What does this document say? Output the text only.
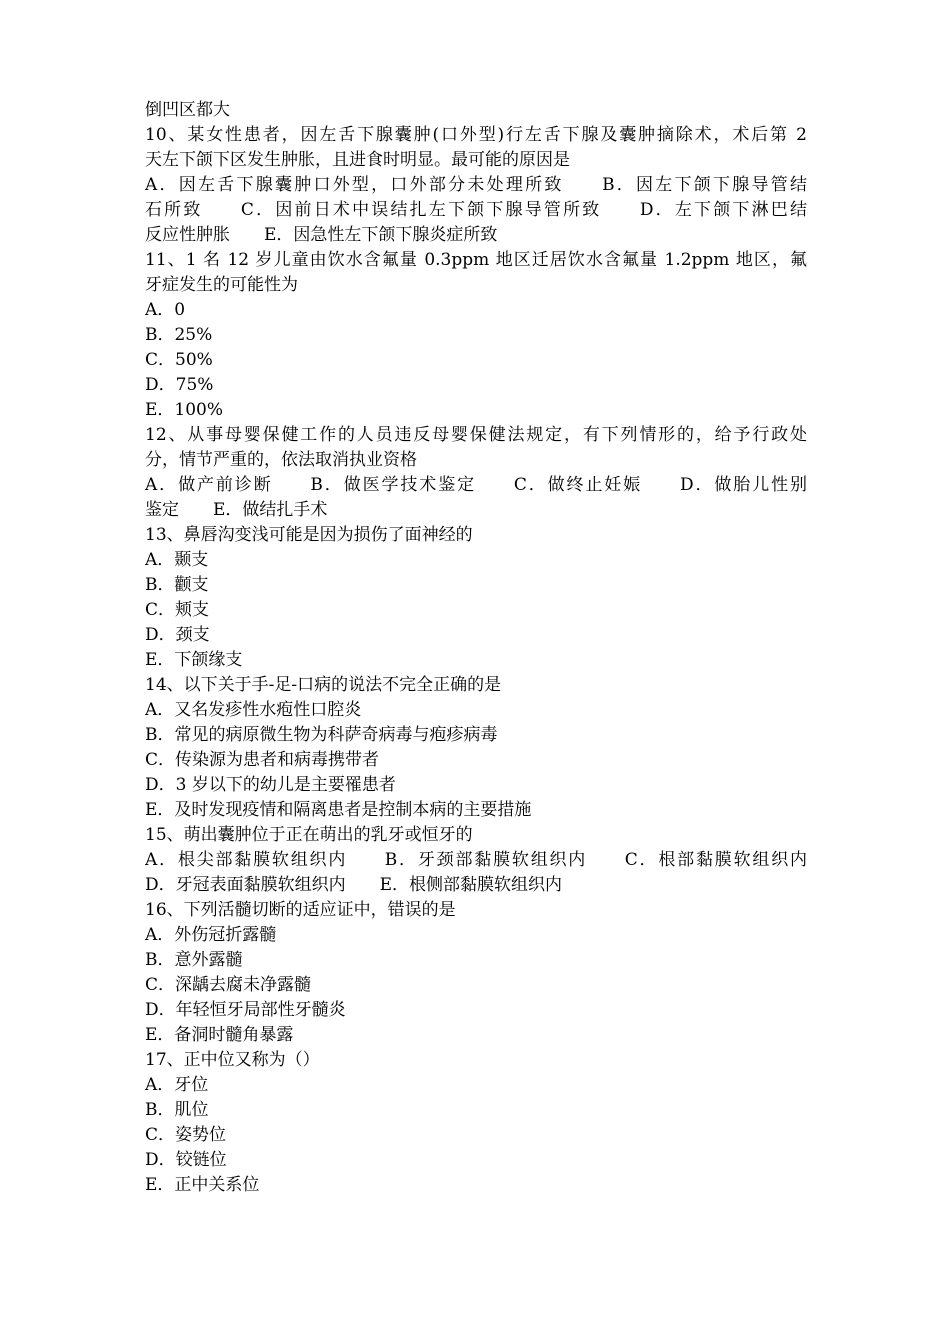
倒凹区都大
10、某女性患者，因左舌下腺囊肿(口外型)行左舌下腺及囊肿摘除术，术后第 2
天左下颌下区发生肿胀，且进食时明显。最可能的原因是
A．因左舌下腺囊肿口外型，口外部分未处理所致　　B．因左下颌下腺导管结
石所致　　C．因前日术中误结扎左下颌下腺导管所致　　D．左下颌下淋巴结
反应性肿胀　　E．因急性左下颌下腺炎症所致
11、1 名 12 岁儿童由饮水含氟量 0.3ppm 地区迁居饮水含氟量 1.2ppm 地区，氟
牙症发生的可能性为
A．0
B．25%
C．50%
D．75%
E．100%
12、从事母婴保健工作的人员违反母婴保健法规定，有下列情形的，给予行政处
分，情节严重的，依法取消执业资格
A．做产前诊断　　B．做医学技术鉴定　　C．做终止妊娠　　D．做胎儿性别
鉴定　　E．做结扎手术
13、鼻唇沟变浅可能是因为损伤了面神经的
A．颞支
B．颧支
C．颊支
D．颈支
E．下颌缘支
14、以下关于手-足-口病的说法不完全正确的是
A．又名发疹性水疱性口腔炎
B．常见的病原微生物为科萨奇病毒与疱疹病毒
C．传染源为患者和病毒携带者
D．3 岁以下的幼儿是主要罹患者
E．及时发现疫情和隔离患者是控制本病的主要措施
15、萌出囊肿位于正在萌出的乳牙或恒牙的
A．根尖部黏膜软组织内　　B．牙颈部黏膜软组织内　　C．根部黏膜软组织内
D．牙冠表面黏膜软组织内　　E．根侧部黏膜软组织内
16、下列活髓切断的适应证中，错误的是
A．外伤冠折露髓
B．意外露髓
C．深龋去腐未净露髓
D．年轻恒牙局部性牙髓炎
E．备洞时髓角暴露
17、正中位又称为（）
A．牙位
B．肌位
C．姿势位
D．铰链位
E．正中关系位
